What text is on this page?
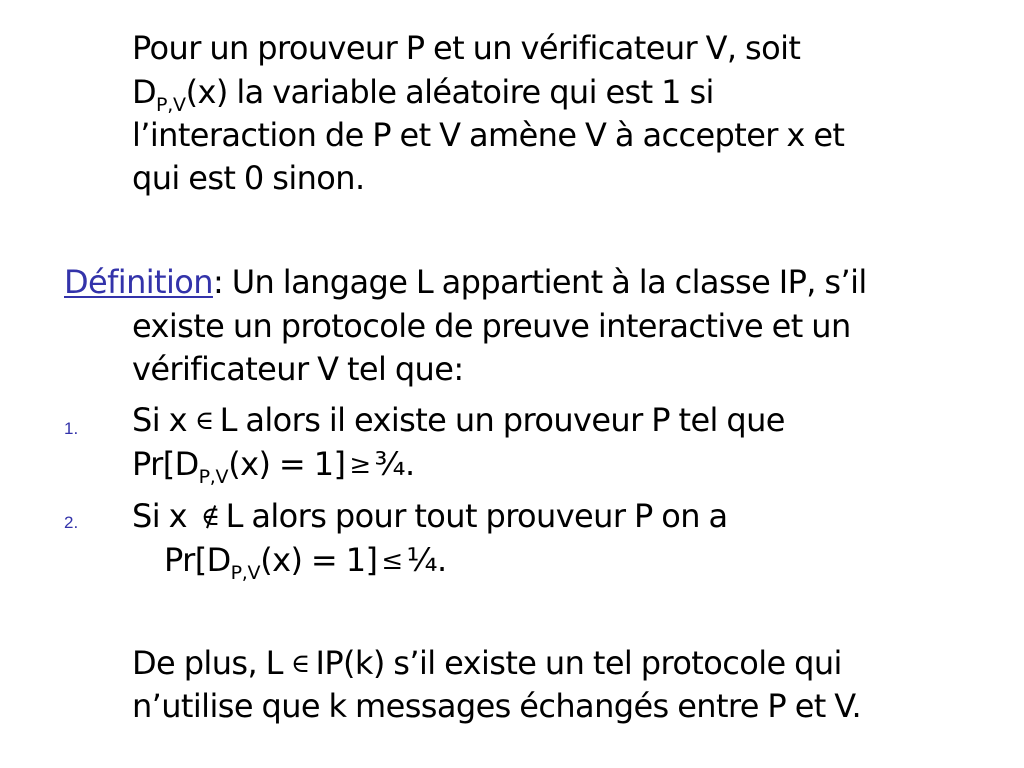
Pour un prouveur P et un vérificateur V, soit
$D_{P,V}(x)$ la variable aléatoire qui est 1 si
l’interaction de P et V amène V à accepter x et
qui est 0 sinon.
Définition: Un langage L appartient à la classe IP, s’il
existe un protocole de preuve interactive et un
vérificateur V tel que:
1. Si x ∈ L alors il existe un prouveur P tel que
$Pr[D_{P,V}(x) = 1]$ ≥ ¾.
2. Si x ∉ L alors pour tout prouveur P on a
$Pr[D_{P,V}(x) = 1]$ ≤ ¼.
De plus, L ∈ IP(k) s’il existe un tel protocole qui
n’utilise que k messages échangés entre P et V.
